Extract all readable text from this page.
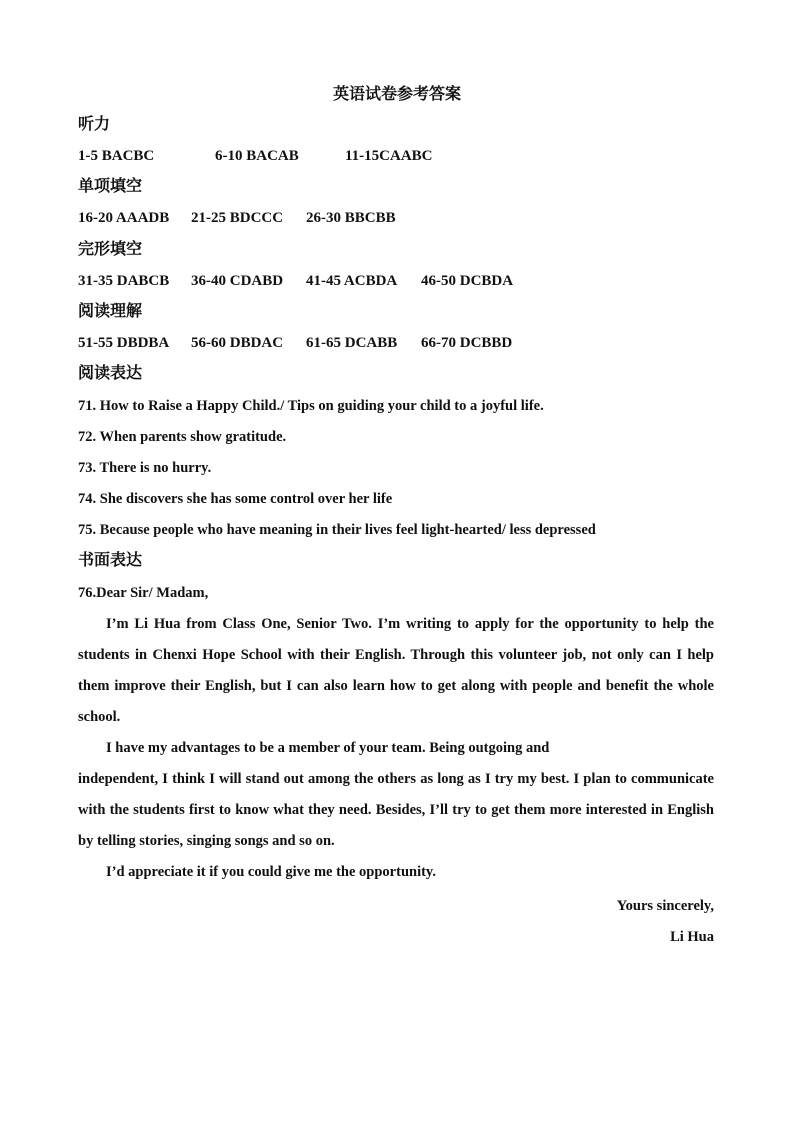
英语试卷参考答案
听力
1-5 BACBC	6-10 BACAB	11-15CAABC
单项填空
16-20 AAADB 21-25 BDCCC 26-30 BBCBB
完形填空
31-35 DABCB 36-40 CDABD 41-45 ACBDA 46-50 DCBDA
阅读理解
51-55 DBDBA 56-60 DBDAC 61-65 DCABB 66-70 DCBBD
阅读表达
71. How to Raise a Happy Child./ Tips on guiding your child to a joyful life.
72. When parents show gratitude.
73. There is no hurry.
74. She discovers she has some control over her life
75. Because people who have meaning in their lives feel light-hearted/ less depressed
书面表达
76.Dear Sir/ Madam,
I’m Li Hua from Class One, Senior Two. I’m writing to apply for the opportunity to help the students in Chenxi Hope School with their English. Through this volunteer job, not only can I help them improve their English, but I can also learn how to get along with people and benefit the whole school.
I have my advantages to be a member of your team. Being outgoing and
independent, I think I will stand out among the others as long as I try my best. I plan to communicate with the students first to know what they need. Besides, I’ll try to get them more interested in English by telling stories, singing songs and so on.
I’d appreciate it if you could give me the opportunity.
Yours sincerely,
Li Hua
